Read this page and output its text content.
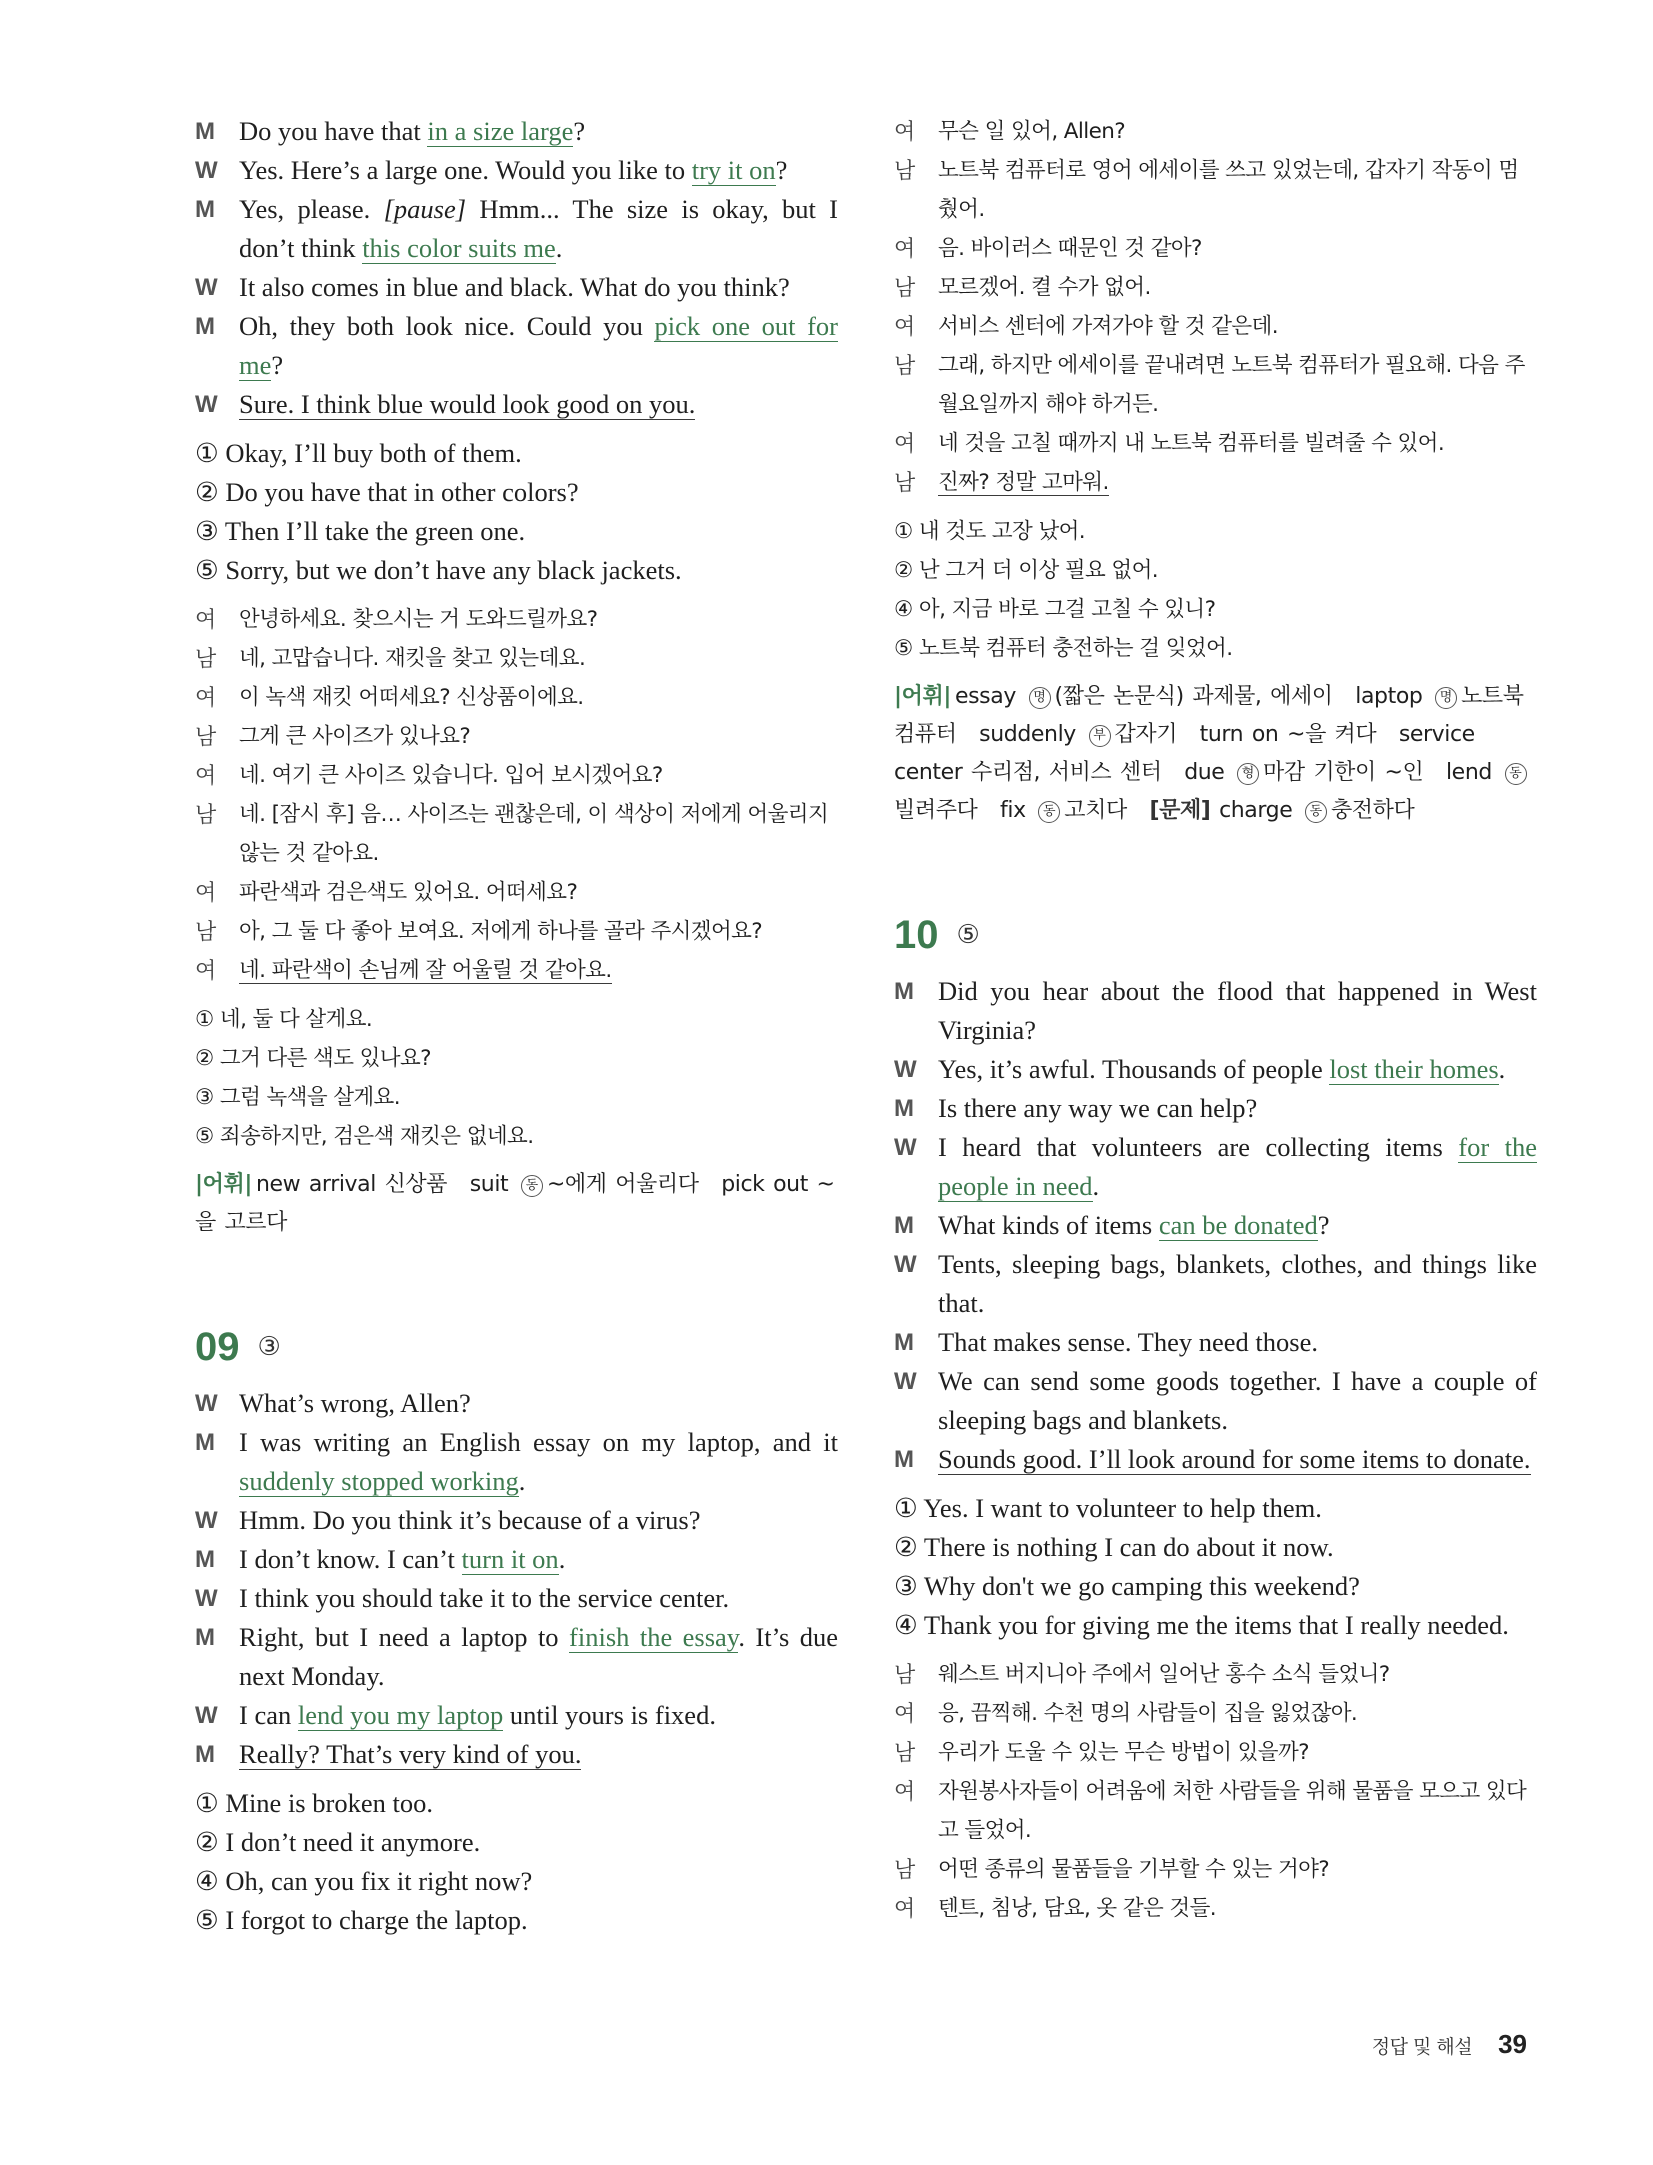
M Do you have that in a size large?
W Yes. Here’s a large one. Would you like to try it on?
M Yes, please. [pause] Hmm... The size is okay, but I don’t think this color suits me.
W It also comes in blue and black. What do you think?
M Oh, they both look nice. Could you pick one out for me?
W Sure. I think blue would look good on you.
① Okay, I’ll buy both of them.
② Do you have that in other colors?
③ Then I’ll take the green one.
⑤ Sorry, but we don’t have any black jackets.
여	안녕하세요. 찾으시는 거 도와드릴까요?
남	네, 고맙습니다. 재킷을 찾고 있는데요.
여	이 녹색 재킷 어떠세요? 신상품이에요.
남	그게 큰 사이즈가 있나요?
여	네. 여기 큰 사이즈 있습니다. 입어 보시겠어요?
남	네. [잠시 후] 음… 사이즈는 괜찮은데, 이 색상이 저에게 어울리지 않는 것 같아요.
여	파란색과 검은색도 있어요. 어떠세요?
남	아, 그 둘 다 좋아 보여요. 저에게 하나를 골라 주시겠어요?
여	네. 파란색이 손님께 잘 어울릴 것 같아요.
① 네, 둘 다 살게요.
② 그거 다른 색도 있나요?
③ 그럼 녹색을 살게요.
⑤ 죄송하지만, 검은색 재킷은 없네요.
|어휘| new arrival 신상품 suit 동 ~에게 어울리다 pick out ~을 고르다
09 ③
W What’s wrong, Allen?
M I was writing an English essay on my laptop, and it suddenly stopped working.
W Hmm. Do you think it’s because of a virus?
M I don’t know. I can’t turn it on.
W I think you should take it to the service center.
M Right, but I need a laptop to finish the essay. It’s due next Monday.
W I can lend you my laptop until yours is fixed.
M Really? That’s very kind of you.
① Mine is broken too.
② I don’t need it anymore.
④ Oh, can you fix it right now?
⑤ I forgot to charge the laptop.
여	무슨 일 있어, Allen?
남	노트북 컴퓨터로 영어 에세이를 쓰고 있었는데, 갑자기 작동이 멈췄어.
여	음. 바이러스 때문인 것 같아?
남	모르겠어. 켤 수가 없어.
여	서비스 센터에 가져가야 할 것 같은데.
남	그래, 하지만 에세이를 끝내려면 노트북 컴퓨터가 필요해. 다음 주 월요일까지 해야 하거든.
여	네 것을 고칠 때까지 내 노트북 컴퓨터를 빌려줄 수 있어.
남	진짜? 정말 고마워.
① 내 것도 고장 났어.
② 난 그거 더 이상 필요 없어.
④ 아, 지금 바로 그걸 고칠 수 있니?
⑤ 노트북 컴퓨터 충전하는 걸 잊었어.
|어휘| essay 명 (짧은 논문식) 과제물, 에세이 laptop 명 노트북 컴퓨터 suddenly 부 갑자기 turn on ~을 켜다 service center 수리점, 서비스 센터 due 형 마감 기한이 ~인 lend 동빌려주다 fix 동 고치다 [문제] charge 동 충전하다
10 ⑤
M Did you hear about the flood that happened in West Virginia?
W Yes, it’s awful. Thousands of people lost their homes.
M Is there any way we can help?
W I heard that volunteers are collecting items for the people in need.
M What kinds of items can be donated?
W Tents, sleeping bags, blankets, clothes, and things like that.
M That makes sense. They need those.
W We can send some goods together. I have a couple of sleeping bags and blankets.
M Sounds good. I’ll look around for some items to donate.
① Yes. I want to volunteer to help them.
② There is nothing I can do about it now.
③ Why don't we go camping this weekend?
④ Thank you for giving me the items that I really needed.
남	웨스트 버지니아 주에서 일어난 홍수 소식 들었니?
여	응, 끔찍해. 수천 명의 사람들이 집을 잃었잖아.
남	우리가 도울 수 있는 무슨 방법이 있을까?
여	자원봉사자들이 어려움에 처한 사람들을 위해 물품을 모으고 있다고 들었어.
남	어떤 종류의 물품들을 기부할 수 있는 거야?
여	텐트, 침낭, 담요, 옷 같은 것들.
정답 및 해설 39
